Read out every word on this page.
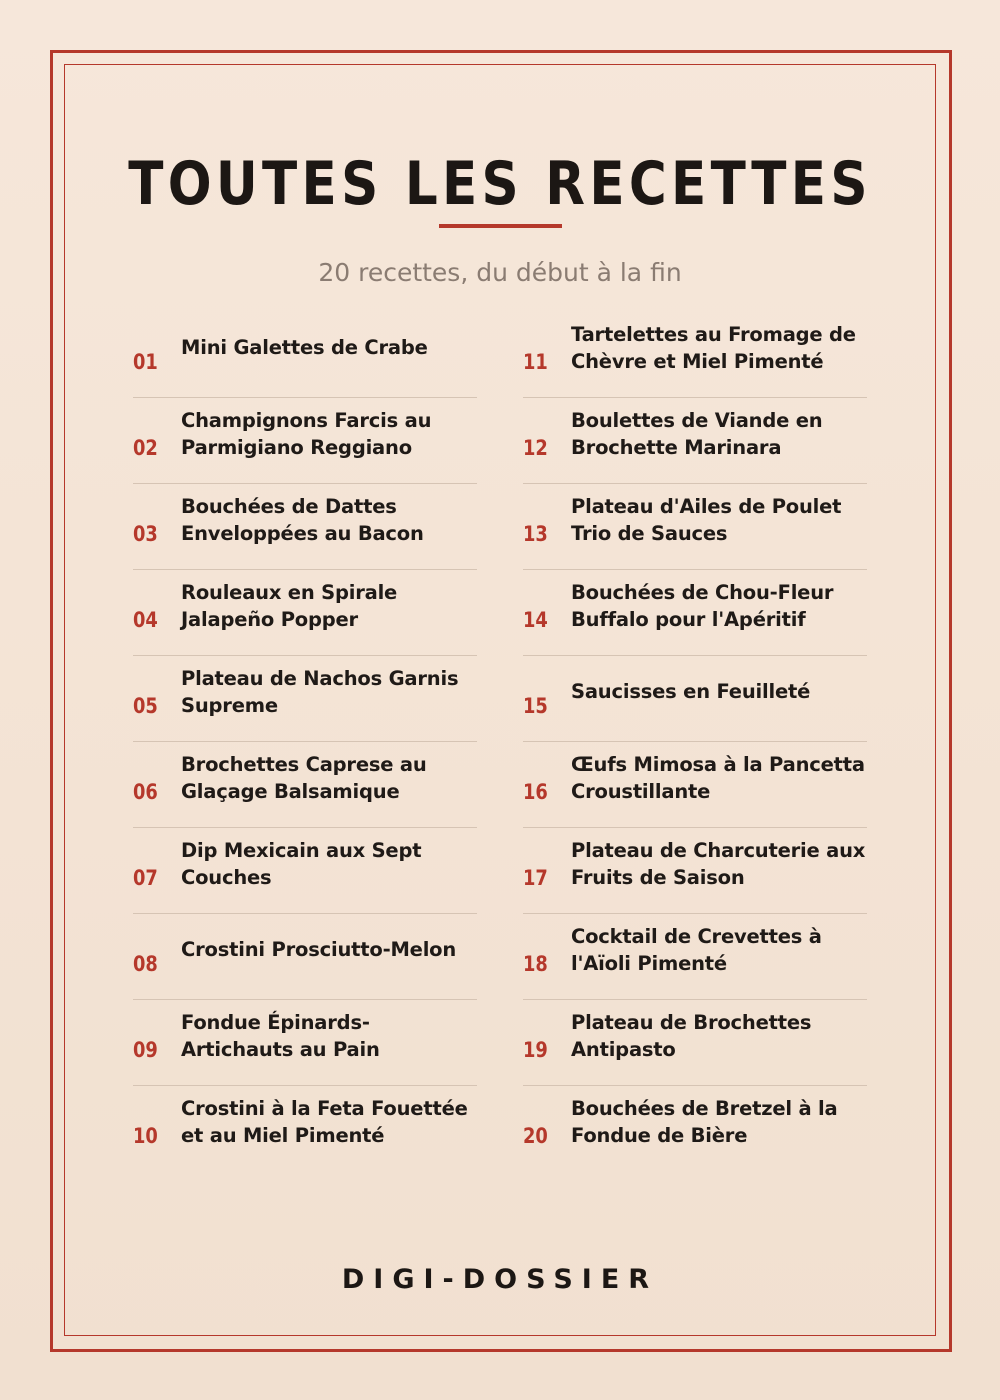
TOUTES LES RECETTES
20 recettes, du début à la fin
01
Mini Galettes de Crabe
02
Champignons Farcis au Parmigiano Reggiano
03
Bouchées de Dattes Enveloppées au Bacon
04
Rouleaux en Spirale Jalapeño Popper
05
Plateau de Nachos Garnis Supreme
06
Brochettes Caprese au Glaçage Balsamique
07
Dip Mexicain aux Sept Couches
08
Crostini Prosciutto-Melon
09
Fondue Épinards-Artichauts au Pain
10
Crostini à la Feta Fouettée et au Miel Pimenté
11
Tartelettes au Fromage de Chèvre et Miel Pimenté
12
Boulettes de Viande en Brochette Marinara
13
Plateau d'Ailes de Poulet Trio de Sauces
14
Bouchées de Chou-Fleur Buffalo pour l'Apéritif
15
Saucisses en Feuilleté
16
Œufs Mimosa à la Pancetta Croustillante
17
Plateau de Charcuterie aux Fruits de Saison
18
Cocktail de Crevettes à l'Aïoli Pimenté
19
Plateau de Brochettes Antipasto
20
Bouchées de Bretzel à la Fondue de Bière
DIGI-DOSSIER
